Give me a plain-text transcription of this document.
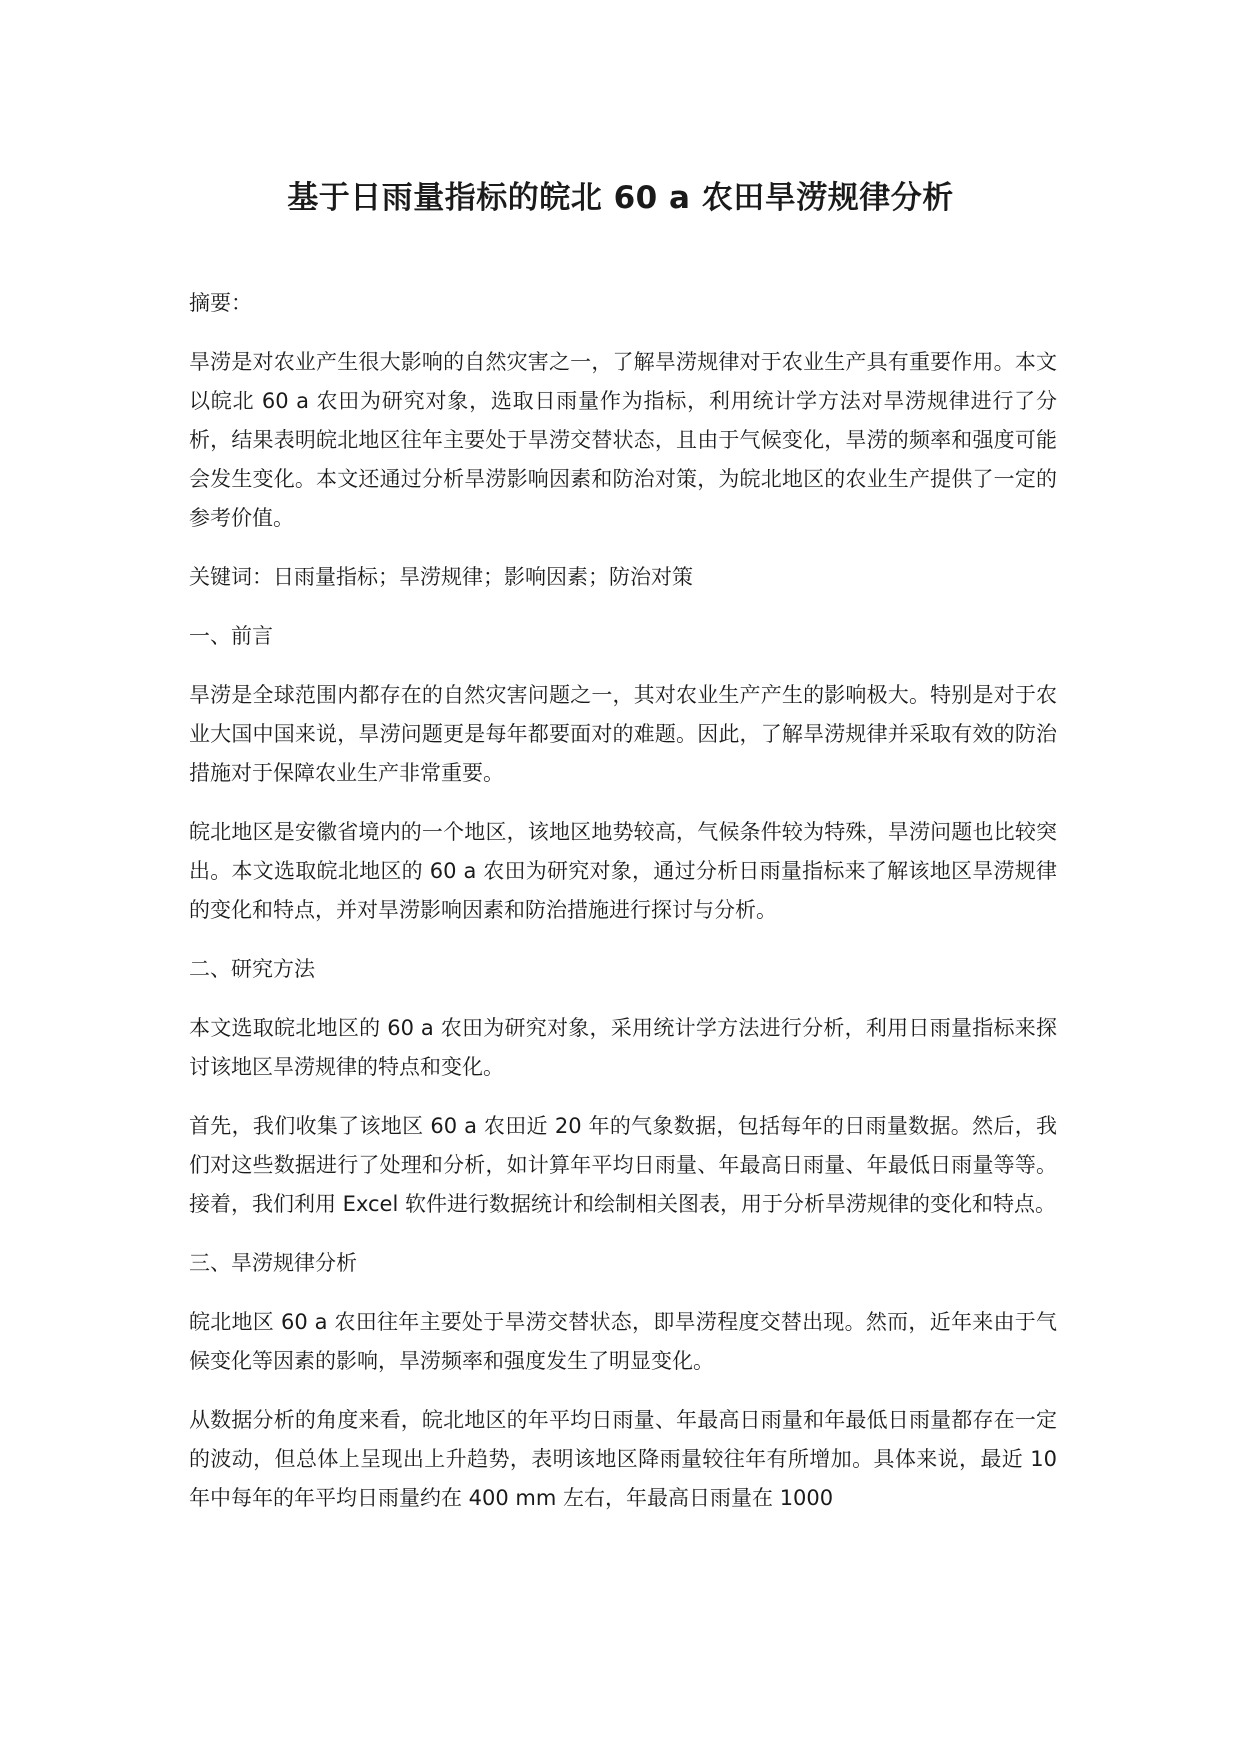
基于日雨量指标的皖北 60 a 农田旱涝规律分析

摘要：

旱涝是对农业产生很大影响的自然灾害之一，了解旱涝规律对于农业生产具有重要作用。本文以皖北 60 a 农田为研究对象，选取日雨量作为指标，利用统计学方法对旱涝规律进行了分析，结果表明皖北地区往年主要处于旱涝交替状态，且由于气候变化，旱涝的频率和强度可能会发生变化。本文还通过分析旱涝影响因素和防治对策，为皖北地区的农业生产提供了一定的参考价值。

关键词：日雨量指标；旱涝规律；影响因素；防治对策

一、前言

旱涝是全球范围内都存在的自然灾害问题之一，其对农业生产产生的影响极大。特别是对于农业大国中国来说，旱涝问题更是每年都要面对的难题。因此，了解旱涝规律并采取有效的防治措施对于保障农业生产非常重要。

皖北地区是安徽省境内的一个地区，该地区地势较高，气候条件较为特殊，旱涝问题也比较突出。本文选取皖北地区的 60 a 农田为研究对象，通过分析日雨量指标来了解该地区旱涝规律的变化和特点，并对旱涝影响因素和防治措施进行探讨与分析。

二、研究方法

本文选取皖北地区的 60 a 农田为研究对象，采用统计学方法进行分析，利用日雨量指标来探讨该地区旱涝规律的特点和变化。

首先，我们收集了该地区 60 a 农田近 20 年的气象数据，包括每年的日雨量数据。然后，我们对这些数据进行了处理和分析，如计算年平均日雨量、年最高日雨量、年最低日雨量等等。接着，我们利用 Excel 软件进行数据统计和绘制相关图表，用于分析旱涝规律的变化和特点。

三、旱涝规律分析

皖北地区 60 a 农田往年主要处于旱涝交替状态，即旱涝程度交替出现。然而，近年来由于气候变化等因素的影响，旱涝频率和强度发生了明显变化。

从数据分析的角度来看，皖北地区的年平均日雨量、年最高日雨量和年最低日雨量都存在一定的波动，但总体上呈现出上升趋势，表明该地区降雨量较往年有所增加。具体来说，最近 10 年中每年的年平均日雨量约在 400 mm 左右，年最高日雨量在 1000
